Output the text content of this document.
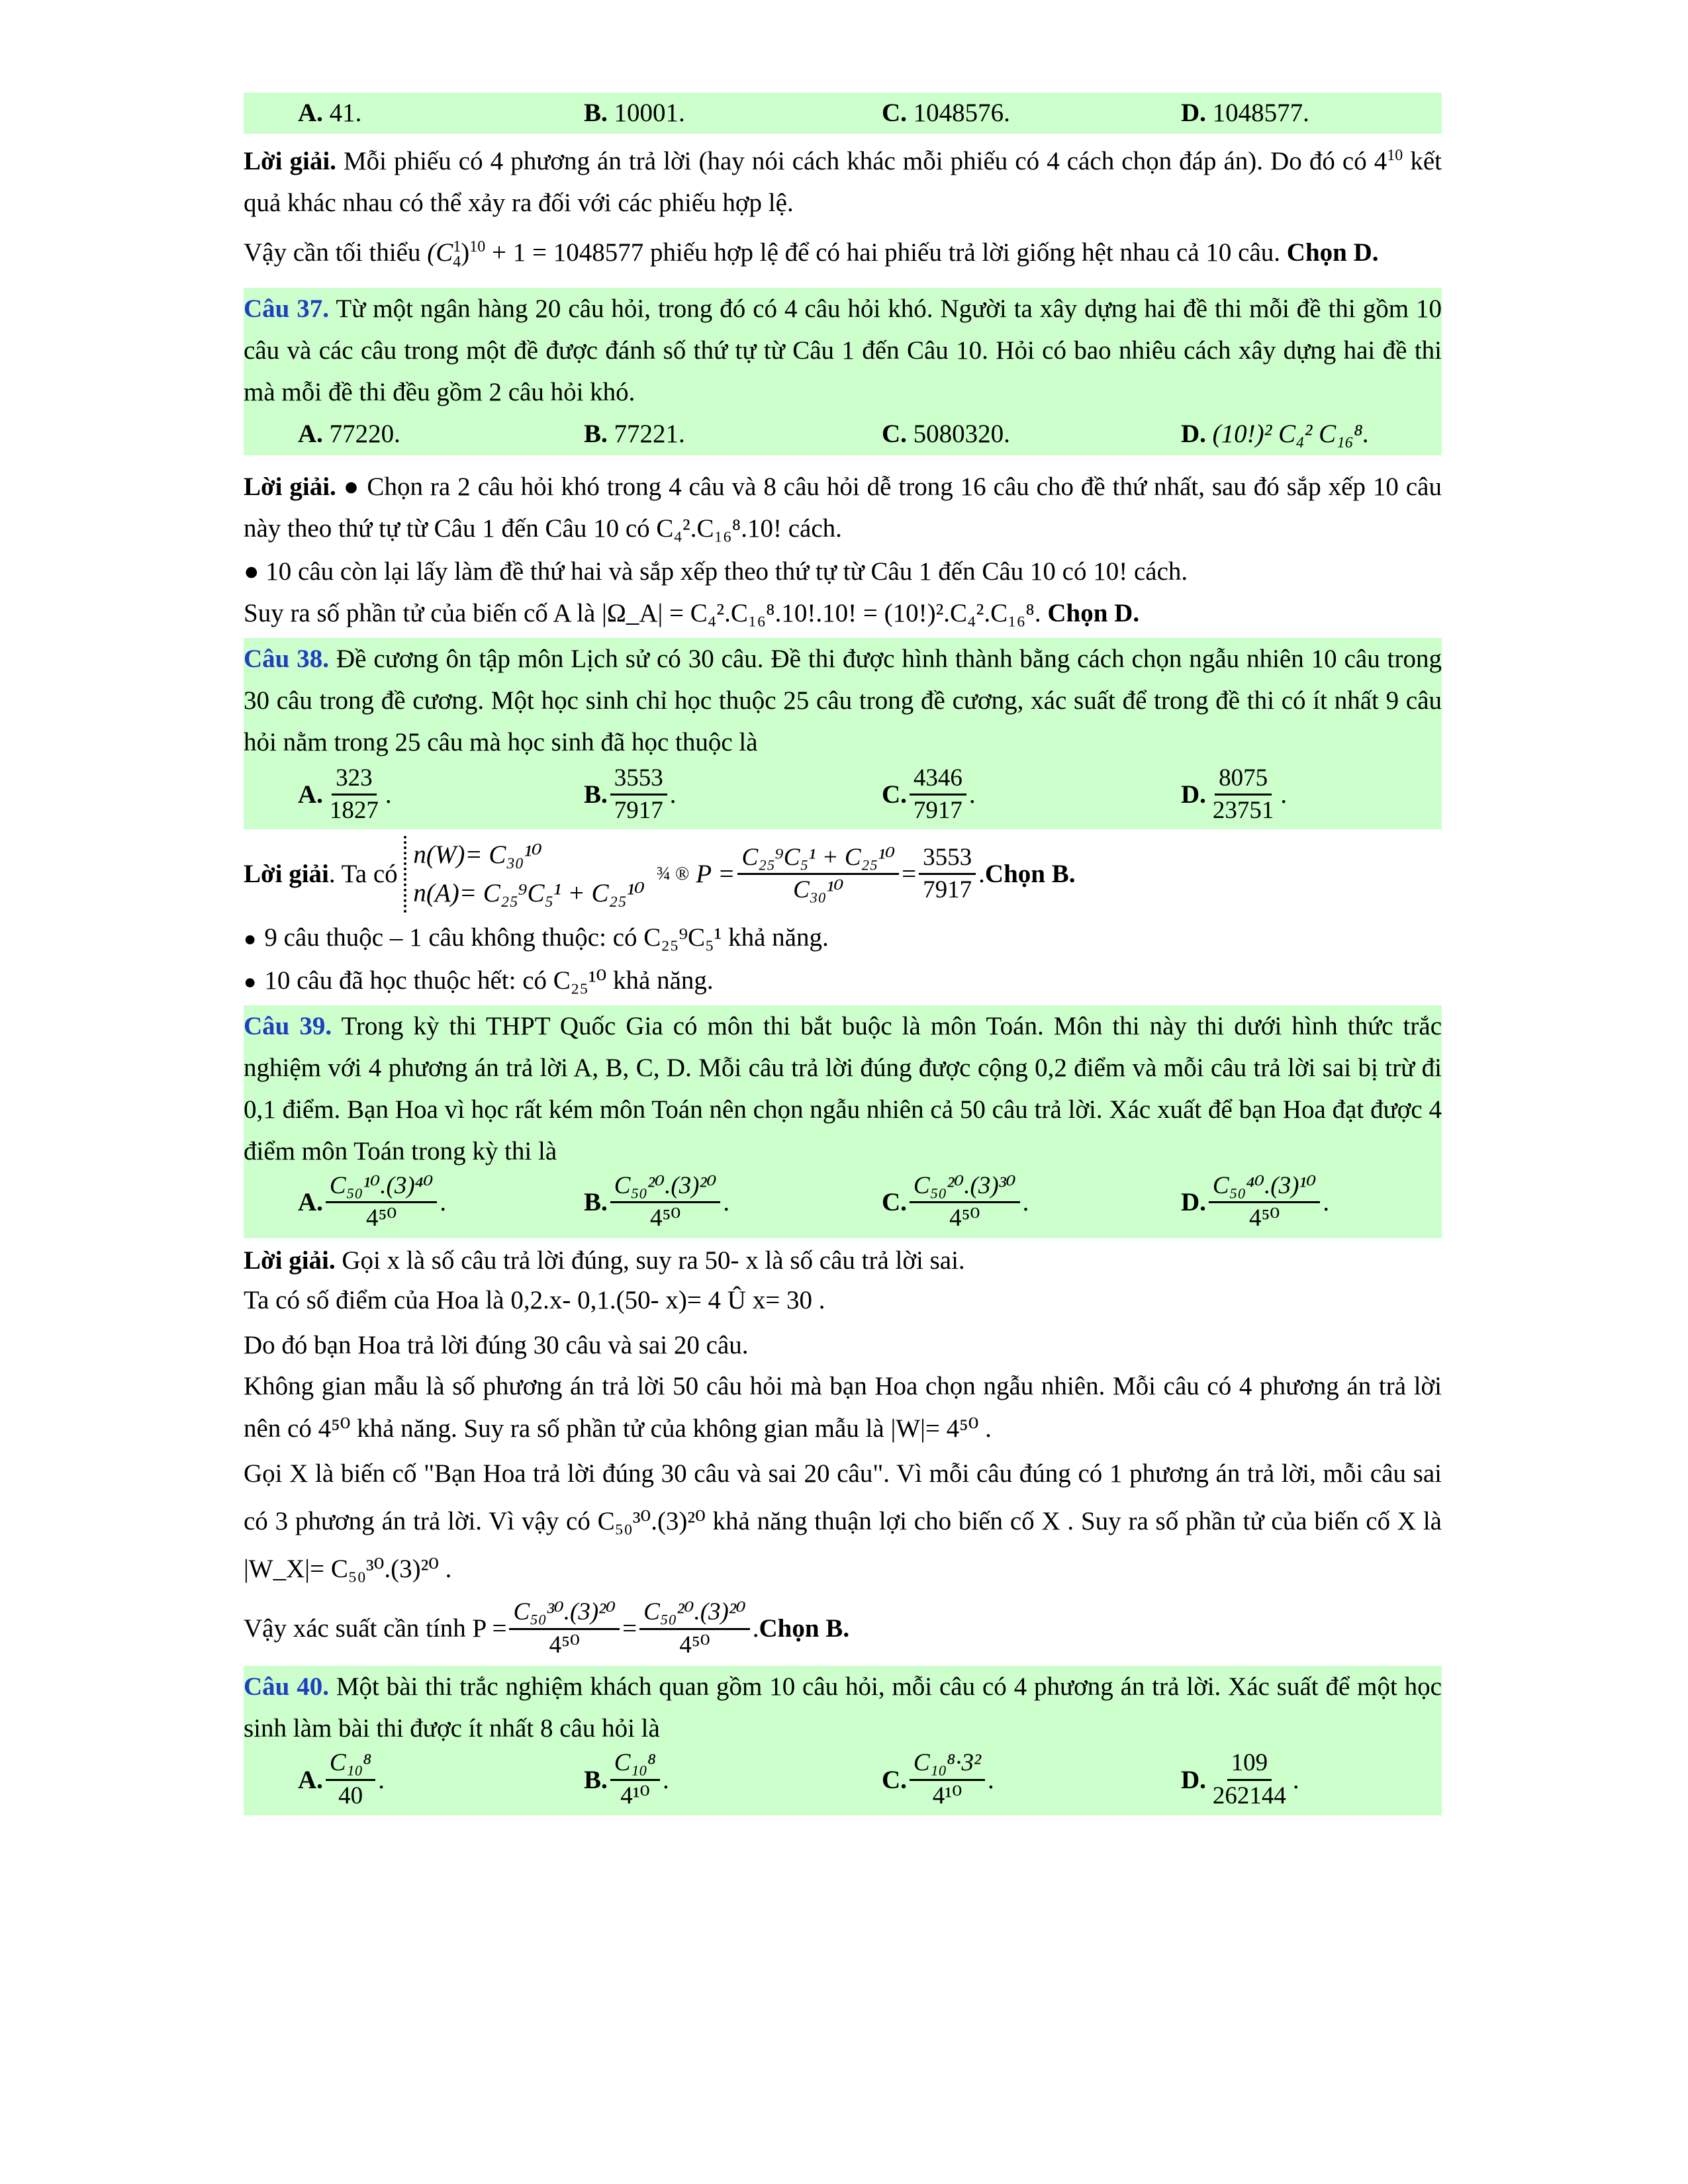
A.
41.	B.
10001.	C.
1048576.	D.
1048577.
Lời giải. Mỗi phiếu có 4 phương án trả lời (hay nói cách khác mỗi phiếu có 4 cách chọn đáp án). Do đó có $4^{10}$ kết quả khác nhau có thể xảy ra đối với các phiếu hợp lệ.
Vậy cần tối thiểu $(C^1_4)^{10} + 1 = 1048577$ phiếu hợp lệ để có hai phiếu trả lời giống hệt nhau cả 10 câu. Chọn D.
Câu 37. Từ một ngân hàng 20 câu hỏi, trong đó có 4 câu hỏi khó. Người ta xây dựng hai đề thi mỗi đề thi gồm 10 câu và các câu trong một đề được đánh số thứ tự từ Câu 1 đến Câu 10. Hỏi có bao nhiêu cách xây dựng hai đề thi mà mỗi đề thi đều gồm 2 câu hỏi khó.
A.
77220.	B.
77221.	C.
5080320.	D.
(10!)² C₄² C₁₆⁸.
Lời giải. ● Chọn ra 2 câu hỏi khó trong 4 câu và 8 câu hỏi dễ trong 16 câu cho đề thứ nhất, sau đó sắp xếp 10 câu này theo thứ tự từ Câu 1 đến Câu 10 có C₄².C₁₆⁸.10! cách.
● 10 câu còn lại lấy làm đề thứ hai và sắp xếp theo thứ tự từ Câu 1 đến Câu 10 có 10! cách.
Suy ra số phần tử của biến cố A là |Ω_A| = C₄².C₁₆⁸.10!.10! = (10!)².C₄².C₁₆⁸. Chọn D.
Câu 38. Đề cương ôn tập môn Lịch sử có 30 câu. Đề thi được hình thành bằng cách chọn ngẫu nhiên 10 câu trong 30 câu trong đề cương. Một học sinh chỉ học thuộc 25 câu trong đề cương, xác suất để trong đề thi có ít nhất 9 câu hỏi nằm trong 25 câu mà học sinh đã học thuộc là
A. $\frac{323}{1827}$ .	B. $\frac{3553}{7917}$ .	C. $\frac{4346}{7917}$ .	D. $\frac{8075}{23751}$ .
Lời giải . Ta có

n(W)= C₃₀¹⁰
n(A)= C₂₅⁹C₅¹ + C₂₅¹⁰
¾ ® $P = \frac{\text{C₂₅⁹C₅¹ + C₂₅¹⁰}}{\text{C₃₀¹⁰}} = \frac{3553}{7917}$ . Chọn B.
● 9 câu thuộc – 1 câu không thuộc: có C₂₅⁹C₅¹ khả năng.
● 10 câu đã học thuộc hết: có C₂₅¹⁰ khả năng.
Câu 39. Trong kỳ thi THPT Quốc Gia có môn thi bắt buộc là môn Toán. Môn thi này thi dưới hình thức trắc nghiệm với 4 phương án trả lời A, B, C, D. Mỗi câu trả lời đúng được cộng 0,2 điểm và mỗi câu trả lời sai bị trừ đi 0,1 điểm. Bạn Hoa vì học rất kém môn Toán nên chọn ngẫu nhiên cả 50 câu trả lời. Xác xuất để bạn Hoa đạt được 4 điểm môn Toán trong kỳ thi là
A. $\frac{\text{C₅₀¹⁰.(3)⁴⁰}}{\text{4⁵⁰}}$ .	B. $\frac{\text{C₅₀²⁰.(3)²⁰}}{\text{4⁵⁰}}$ .	C. $\frac{\text{C₅₀²⁰.(3)³⁰}}{\text{4⁵⁰}}$ .	D. $\frac{\text{C₅₀⁴⁰.(3)¹⁰}}{\text{4⁵⁰}}$ .
Lời giải. Gọi x là số câu trả lời đúng, suy ra 50- x là số câu trả lời sai.
Ta có số điểm của Hoa là 0,2.x- 0,1.(50- x)= 4 Û x= 30 .
Do đó bạn Hoa trả lời đúng 30 câu và sai 20 câu.
Không gian mẫu là số phương án trả lời 50 câu hỏi mà bạn Hoa chọn ngẫu nhiên. Mỗi câu có 4 phương án trả lời nên có 4⁵⁰ khả năng. Suy ra số phần tử của không gian mẫu là |W|= 4⁵⁰ .
Gọi X là biến cố "Bạn Hoa trả lời đúng 30 câu và sai 20 câu". Vì mỗi câu đúng có 1 phương án trả lời, mỗi câu sai có 3 phương án trả lời. Vì vậy có C₅₀³⁰.(3)²⁰ khả năng thuận lợi cho biến cố X . Suy ra số phần tử của biến cố X là |W_X|= C₅₀³⁰.(3)²⁰ .
Vậy xác suất cần tính $P = \frac{\text{C₅₀³⁰.(3)²⁰}}{\text{4⁵⁰}} = \frac{\text{C₅₀²⁰.(3)²⁰}}{\text{4⁵⁰}}$ . Chọn B.
Câu 40. Một bài thi trắc nghiệm khách quan gồm 10 câu hỏi, mỗi câu có 4 phương án trả lời. Xác suất để một học sinh làm bài thi được ít nhất 8 câu hỏi là
A. $\frac{\text{C₁₀⁸}}{40}$ .	B. $\frac{\text{C₁₀⁸}}{\text{4¹⁰}}$ .	C. $\frac{\text{C₁₀⁸·3²}}{\text{4¹⁰}}$ .	D. $\frac{109}{262144}$ .
